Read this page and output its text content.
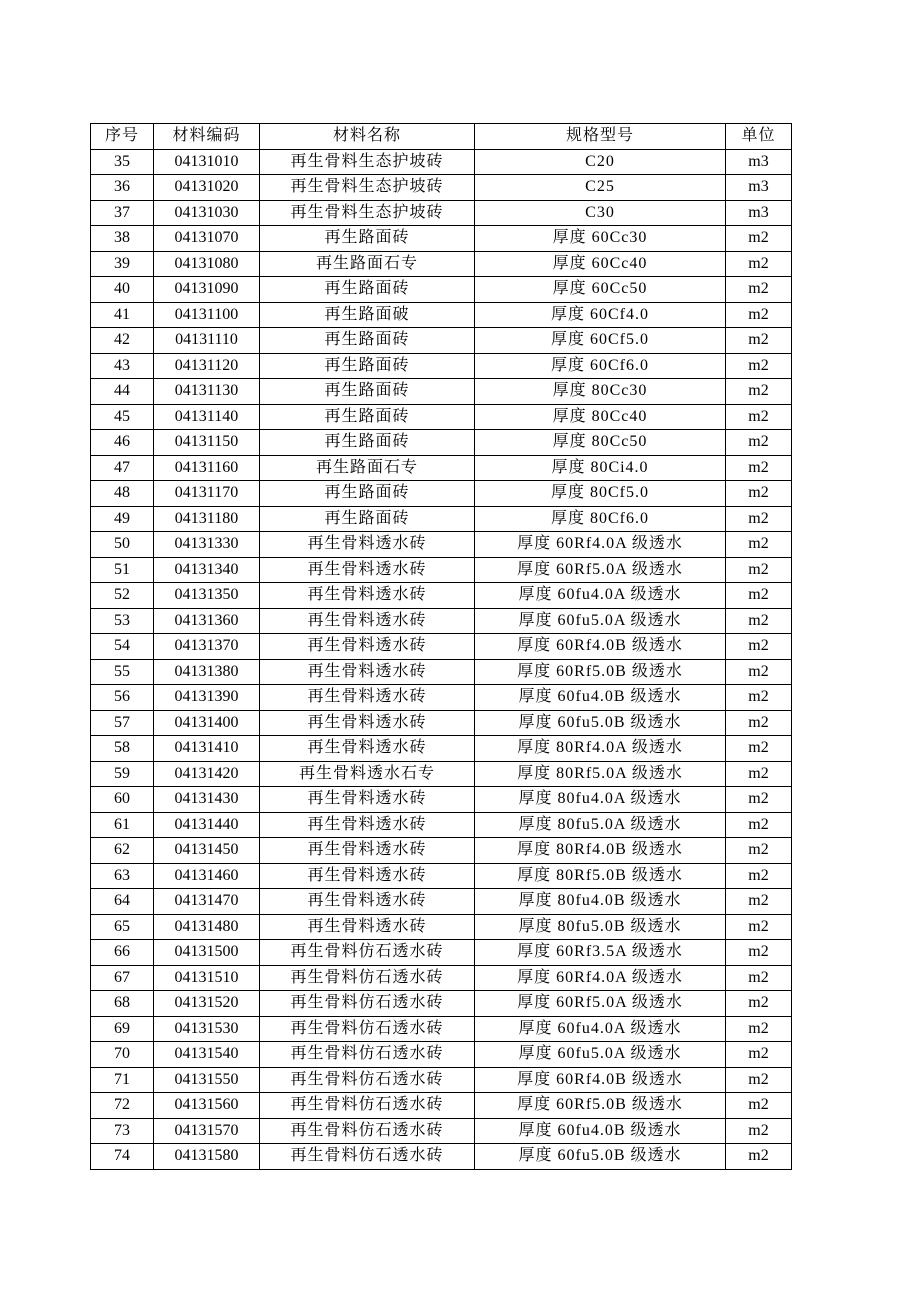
序号	材料编码	材料名称	规格型号	单位
35	04131010	再生骨料生态护坡砖	C20	m3
36	04131020	再生骨料生态护坡砖	C25	m3
37	04131030	再生骨料生态护坡砖	C30	m3
38	04131070	再生路面砖	厚度 60Cc30	m2
39	04131080	再生路面石专	厚度 60Cc40	m2
40	04131090	再生路面砖	厚度 60Cc50	m2
41	04131100	再生路面破	厚度 60Cf4.0	m2
42	04131110	再生路面砖	厚度 60Cf5.0	m2
43	04131120	再生路面砖	厚度 60Cf6.0	m2
44	04131130	再生路面砖	厚度 80Cc30	m2
45	04131140	再生路面砖	厚度 80Cc40	m2
46	04131150	再生路面砖	厚度 80Cc50	m2
47	04131160	再生路面石专	厚度 80Ci4.0	m2
48	04131170	再生路面砖	厚度 80Cf5.0	m2
49	04131180	再生路面砖	厚度 80Cf6.0	m2
50	04131330	再生骨料透水砖	厚度 60Rf4.0A 级透水	m2
51	04131340	再生骨料透水砖	厚度 60Rf5.0A 级透水	m2
52	04131350	再生骨料透水砖	厚度 60fu4.0A 级透水	m2
53	04131360	再生骨料透水砖	厚度 60fu5.0A 级透水	m2
54	04131370	再生骨料透水砖	厚度 60Rf4.0B 级透水	m2
55	04131380	再生骨料透水砖	厚度 60Rf5.0B 级透水	m2
56	04131390	再生骨料透水砖	厚度 60fu4.0B 级透水	m2
57	04131400	再生骨料透水砖	厚度 60fu5.0B 级透水	m2
58	04131410	再生骨料透水砖	厚度 80Rf4.0A 级透水	m2
59	04131420	再生骨料透水石专	厚度 80Rf5.0A 级透水	m2
60	04131430	再生骨料透水砖	厚度 80fu4.0A 级透水	m2
61	04131440	再生骨料透水砖	厚度 80fu5.0A 级透水	m2
62	04131450	再生骨料透水砖	厚度 80Rf4.0B 级透水	m2
63	04131460	再生骨料透水砖	厚度 80Rf5.0B 级透水	m2
64	04131470	再生骨料透水砖	厚度 80fu4.0B 级透水	m2
65	04131480	再生骨料透水砖	厚度 80fu5.0B 级透水	m2
66	04131500	再生骨料仿石透水砖	厚度 60Rf3.5A 级透水	m2
67	04131510	再生骨料仿石透水砖	厚度 60Rf4.0A 级透水	m2
68	04131520	再生骨料仿石透水砖	厚度 60Rf5.0A 级透水	m2
69	04131530	再生骨料仿石透水砖	厚度 60fu4.0A 级透水	m2
70	04131540	再生骨料仿石透水砖	厚度 60fu5.0A 级透水	m2
71	04131550	再生骨料仿石透水砖	厚度 60Rf4.0B 级透水	m2
72	04131560	再生骨料仿石透水砖	厚度 60Rf5.0B 级透水	m2
73	04131570	再生骨料仿石透水砖	厚度 60fu4.0B 级透水	m2
74	04131580	再生骨料仿石透水砖	厚度 60fu5.0B 级透水	m2
